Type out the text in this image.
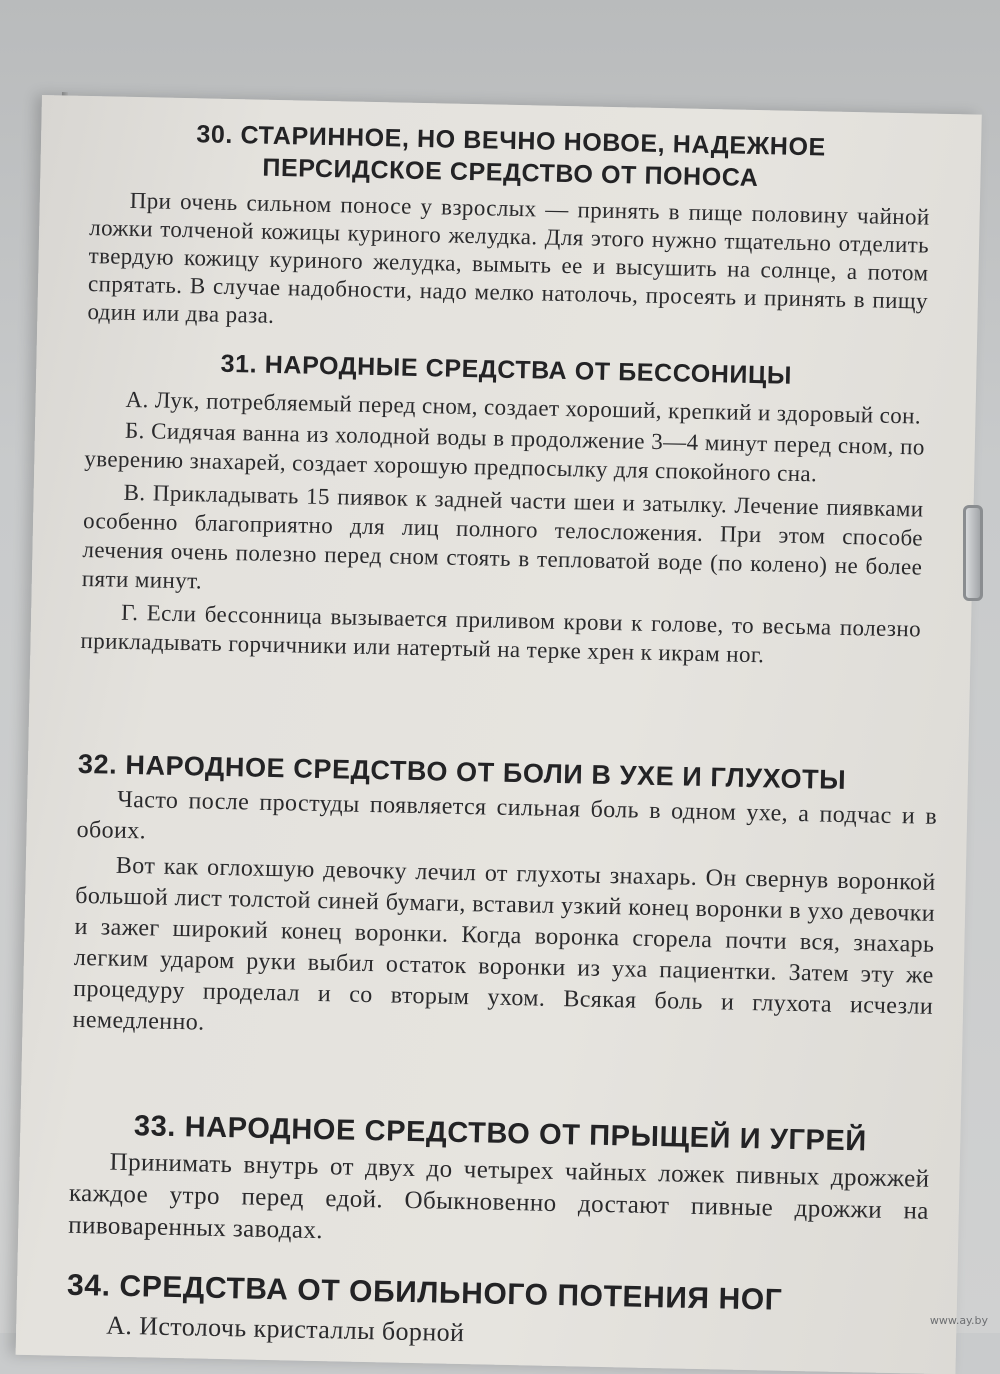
30. СТАРИННОЕ, НО ВЕЧНО НОВОЕ, НАДЕЖНОЕ

ПЕРСИДСКОЕ СРЕДСТВО ОТ ПОНОСА

При очень сильном поносе у взрослых — принять в пище половину чайной ложки толченой кожицы куриного желудка. Для этого нужно тщательно отделить твердую кожицу куриного желудка, вымыть ее и высушить на солнце, а потом спрятать. В случае надобности, надо мелко натолочь, просеять и принять в пищу один или два раза.

31. НАРОДНЫЕ СРЕДСТВА ОТ БЕССОНИЦЫ

А. Лук, потребляемый перед сном, создает хороший, крепкий и здоровый сон.

Б. Сидячая ванна из холодной воды в продолжение 3—4 минут перед сном, по уверению знахарей, создает хорошую предпосылку для спокойного сна.

В. Прикладывать 15 пиявок к задней части шеи и затылку. Лечение пиявками особенно благоприятно для лиц полного телосложения. При этом способе лечения очень полезно перед сном стоять в тепловатой воде (по колено) не более пяти минут.

Г. Если бессонница вызывается приливом крови к голове, то весьма полезно прикладывать горчичники или натертый на терке хрен к икрам ног.

32. НАРОДНОЕ СРЕДСТВО ОТ БОЛИ В УХЕ И ГЛУХОТЫ

Часто после простуды появляется сильная боль в одном ухе, а подчас и в обоих.

Вот как оглохшую девочку лечил от глухоты знахарь. Он свернув воронкой большой лист толстой синей бумаги, вставил узкий конец воронки в ухо девочки и зажег широкий конец воронки. Когда воронка сгорела почти вся, знахарь легким ударом руки выбил остаток воронки из уха пациентки. Затем эту же процедуру проделал и со вторым ухом. Всякая боль и глухота исчезли немедленно.

33. НАРОДНОЕ СРЕДСТВО ОТ ПРЫЩЕЙ И УГРЕЙ

Принимать внутрь от двух до четырех чайных ложек пивных дрожжей каждое утро перед едой. Обыкновенно достают пивные дрожжи на пивоваренных заводах.

34. СРЕДСТВА ОТ ОБИЛЬНОГО ПОТЕНИЯ НОГ

А. Истолочь кристаллы борной	www.ay.by
